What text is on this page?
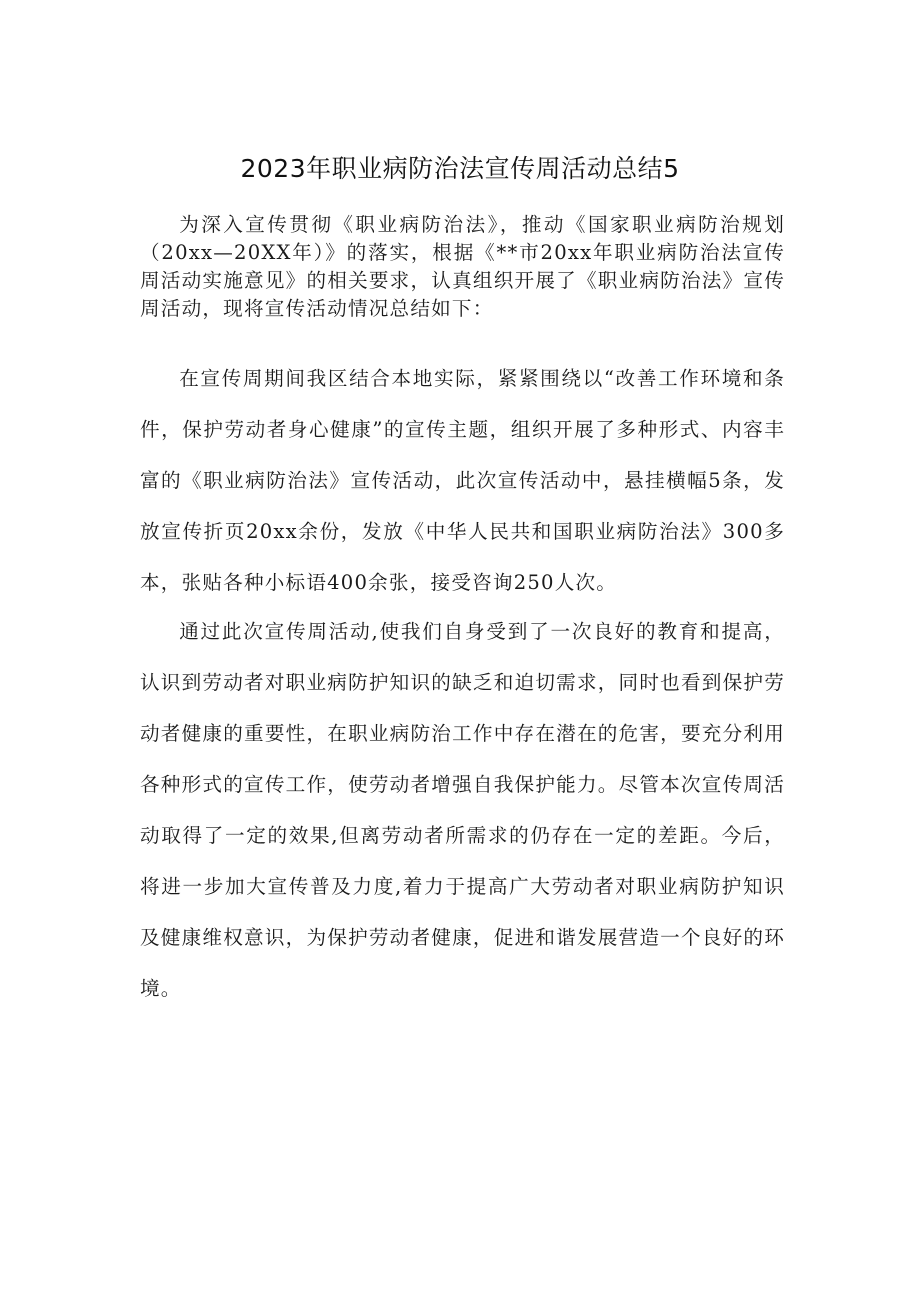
2023年职业病防治法宣传周活动总结5

为深入宣传贯彻《职业病防治法》，推动《国家职业病防治规划（20xx—20XX年）》的落实，根据《**市20xx年职业病防治法宣传周活动实施意见》的相关要求，认真组织开展了《职业病防治法》宣传周活动，现将宣传活动情况总结如下：

在宣传周期间我区结合本地实际，紧紧围绕以“改善工作环境和条件，保护劳动者身心健康”的宣传主题，组织开展了多种形式、内容丰富的《职业病防治法》宣传活动，此次宣传活动中，悬挂横幅5条，发放宣传折页20xx余份，发放《中华人民共和国职业病防治法》300多本，张贴各种小标语400余张，接受咨询250人次。

通过此次宣传周活动,使我们自身受到了一次良好的教育和提高，认识到劳动者对职业病防护知识的缺乏和迫切需求，同时也看到保护劳动者健康的重要性，在职业病防治工作中存在潜在的危害，要充分利用各种形式的宣传工作，使劳动者增强自我保护能力。尽管本次宣传周活动取得了一定的效果,但离劳动者所需求的仍存在一定的差距。今后，将进一步加大宣传普及力度,着力于提高广大劳动者对职业病防护知识及健康维权意识，为保护劳动者健康，促进和谐发展营造一个良好的环境。
